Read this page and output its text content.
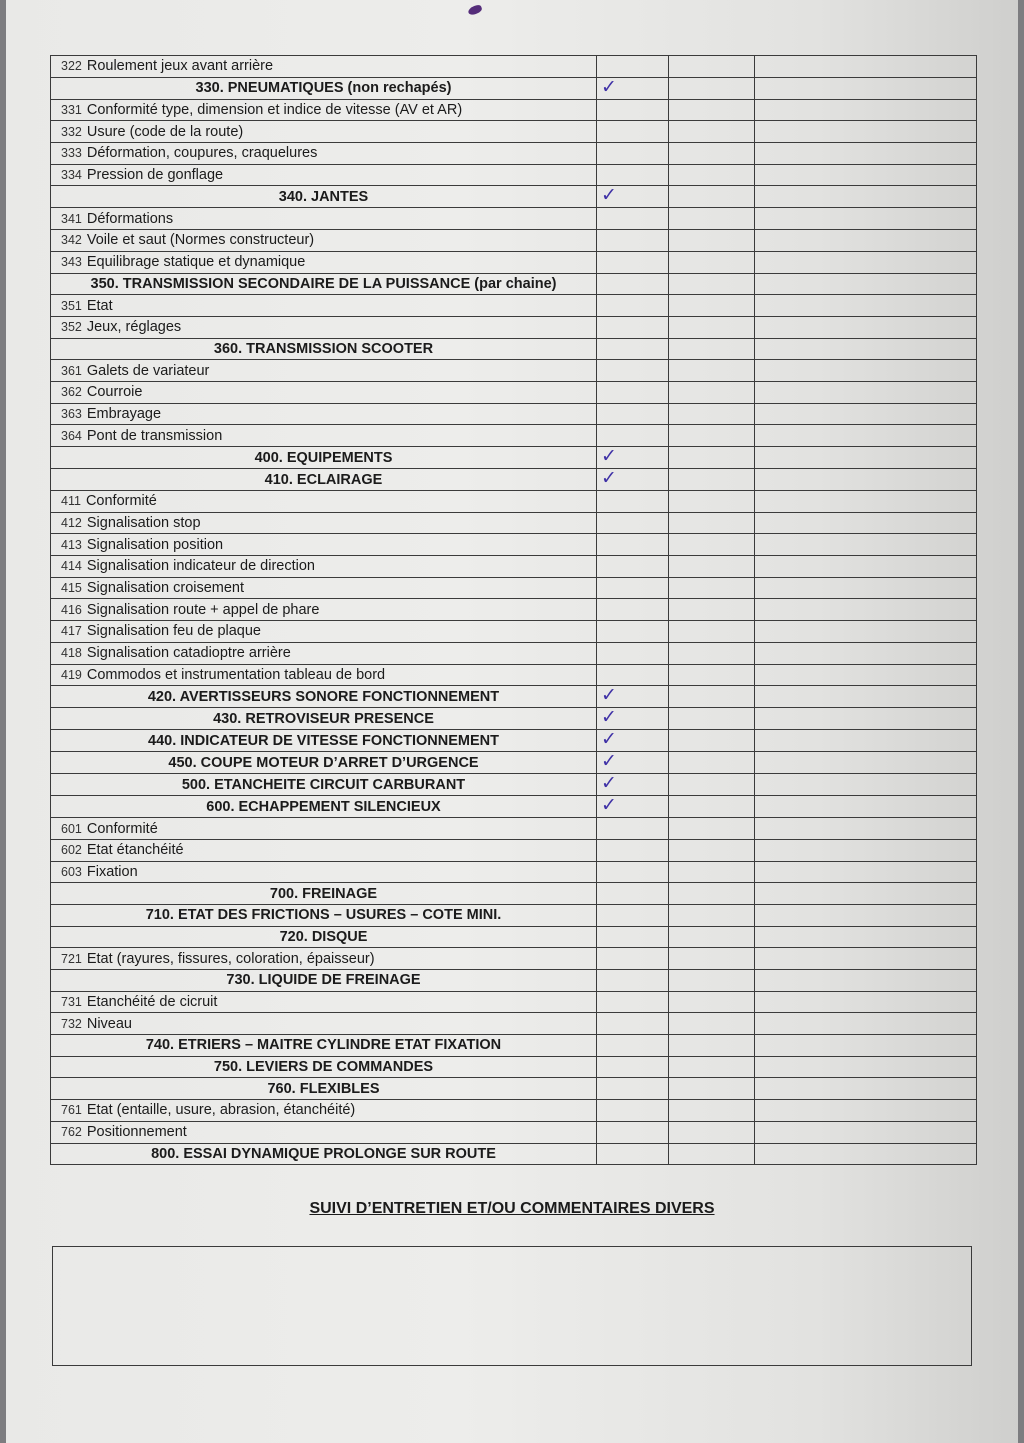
322 Roulement jeux avant arrière			
330. PNEUMATIQUES (non rechapés)	✓		
331 Conformité type, dimension et indice de vitesse (AV et AR)			
332 Usure (code de la route)			
333 Déformation, coupures, craquelures			
334 Pression de gonflage			
340. JANTES	✓		
341 Déformations			
342 Voile et saut (Normes constructeur)			
343 Equilibrage statique et dynamique			
350. TRANSMISSION SECONDAIRE DE LA PUISSANCE (par chaine)			
351 Etat			
352 Jeux, réglages			
360. TRANSMISSION SCOOTER			
361 Galets de variateur			
362 Courroie			
363 Embrayage			
364 Pont de transmission			
400. EQUIPEMENTS	✓		
410. ECLAIRAGE	✓		
411 Conformité			
412 Signalisation stop			
413 Signalisation position			
414 Signalisation indicateur de direction			
415 Signalisation croisement			
416 Signalisation route + appel de phare			
417 Signalisation feu de plaque			
418 Signalisation catadioptre arrière			
419 Commodos et instrumentation tableau de bord			
420. AVERTISSEURS SONORE FONCTIONNEMENT	✓		
430. RETROVISEUR PRESENCE	✓		
440. INDICATEUR DE VITESSE FONCTIONNEMENT	✓		
450. COUPE MOTEUR D’ARRET D’URGENCE	✓		
500. ETANCHEITE CIRCUIT CARBURANT	✓		
600. ECHAPPEMENT SILENCIEUX	✓		
601 Conformité			
602 Etat étanchéité			
603 Fixation			
700. FREINAGE			
710. ETAT DES FRICTIONS – USURES – COTE MINI.			
720. DISQUE			
721 Etat (rayures, fissures, coloration, épaisseur)			
730. LIQUIDE DE FREINAGE			
731 Etanchéité de cicruit			
732 Niveau			
740. ETRIERS – MAITRE CYLINDRE ETAT FIXATION			
750. LEVIERS DE COMMANDES			
760. FLEXIBLES			
761 Etat (entaille, usure, abrasion, étanchéité)			
762 Positionnement			
800. ESSAI DYNAMIQUE PROLONGE SUR ROUTE			
SUIVI D’ENTRETIEN ET/OU COMMENTAIRES DIVERS
